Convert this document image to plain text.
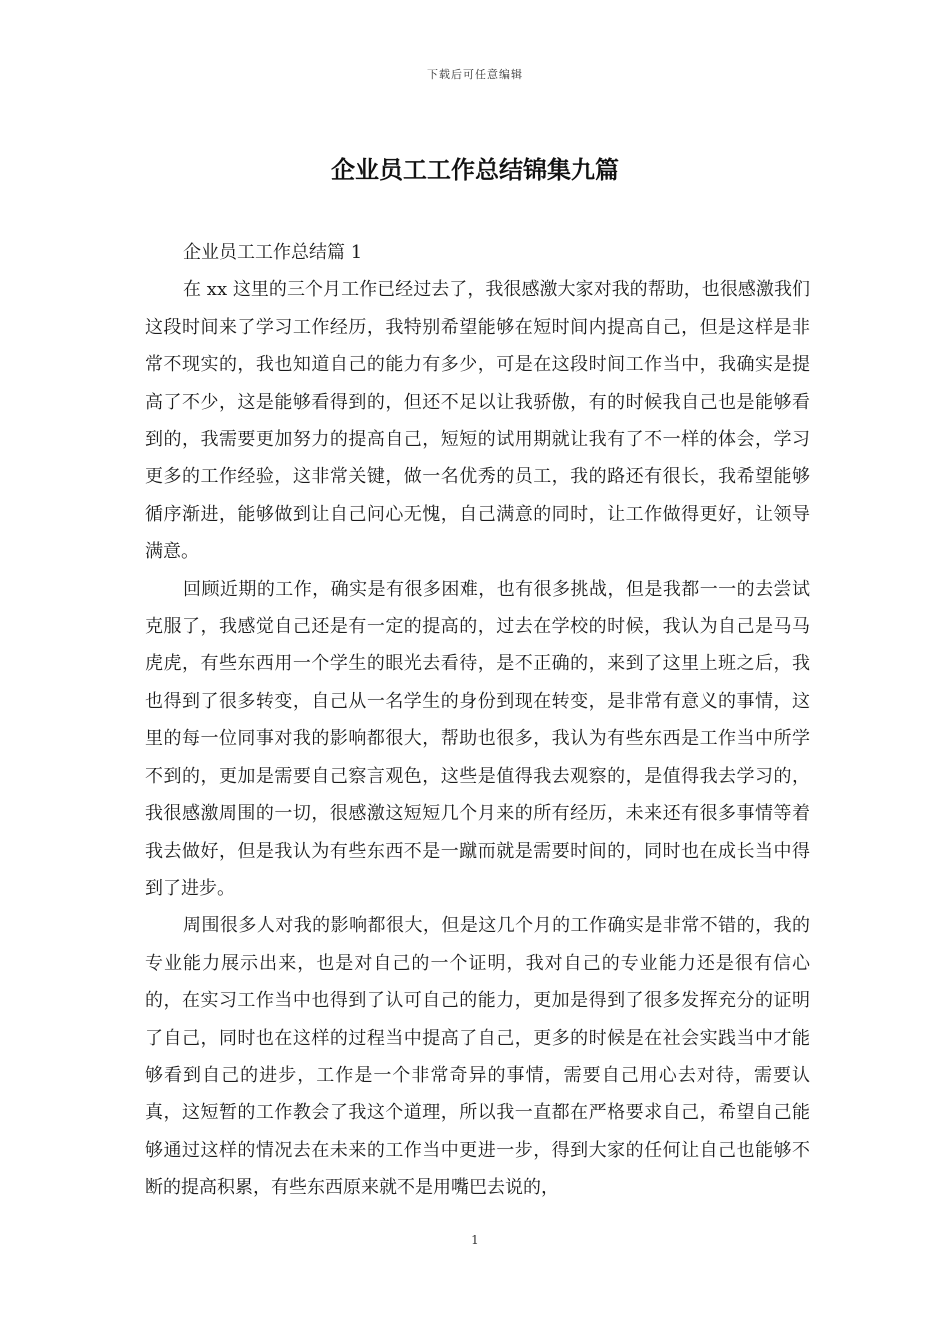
下载后可任意编辑
企业员工工作总结锦集九篇

企业员工工作总结篇 1

在 xx 这里的三个月工作已经过去了，我很感激大家对我的帮助，也很感激我们这段时间来了学习工作经历，我特别希望能够在短时间内提高自己，但是这样是非常不现实的，我也知道自己的能力有多少，可是在这段时间工作当中，我确实是提高了不少，这是能够看得到的，但还不足以让我骄傲，有的时候我自己也是能够看到的，我需要更加努力的提高自己，短短的试用期就让我有了不一样的体会，学习更多的工作经验，这非常关键，做一名优秀的员工，我的路还有很长，我希望能够循序渐进，能够做到让自己问心无愧，自己满意的同时，让工作做得更好，让领导满意。

回顾近期的工作，确实是有很多困难，也有很多挑战，但是我都一一的去尝试克服了，我感觉自己还是有一定的提高的，过去在学校的时候，我认为自己是马马虎虎，有些东西用一个学生的眼光去看待，是不正确的，来到了这里上班之后，我也得到了很多转变，自己从一名学生的身份到现在转变，是非常有意义的事情，这里的每一位同事对我的影响都很大，帮助也很多，我认为有些东西是工作当中所学不到的，更加是需要自己察言观色，这些是值得我去观察的，是值得我去学习的，我很感激周围的一切，很感激这短短几个月来的所有经历，未来还有很多事情等着我去做好，但是我认为有些东西不是一蹴而就是需要时间的，同时也在成长当中得到了进步。

周围很多人对我的影响都很大，但是这几个月的工作确实是非常不错的，我的专业能力展示出来，也是对自己的一个证明，我对自己的专业能力还是很有信心的，在实习工作当中也得到了认可自己的能力，更加是得到了很多发挥充分的证明了自己，同时也在这样的过程当中提高了自己，更多的时候是在社会实践当中才能够看到自己的进步，工作是一个非常奇异的事情，需要自己用心去对待，需要认真，这短暂的工作教会了我这个道理，所以我一直都在严格要求自己，希望自己能够通过这样的情况去在未来的工作当中更进一步，得到大家的任何让自己也能够不断的提高积累，有些东西原来就不是用嘴巴去说的，

1
